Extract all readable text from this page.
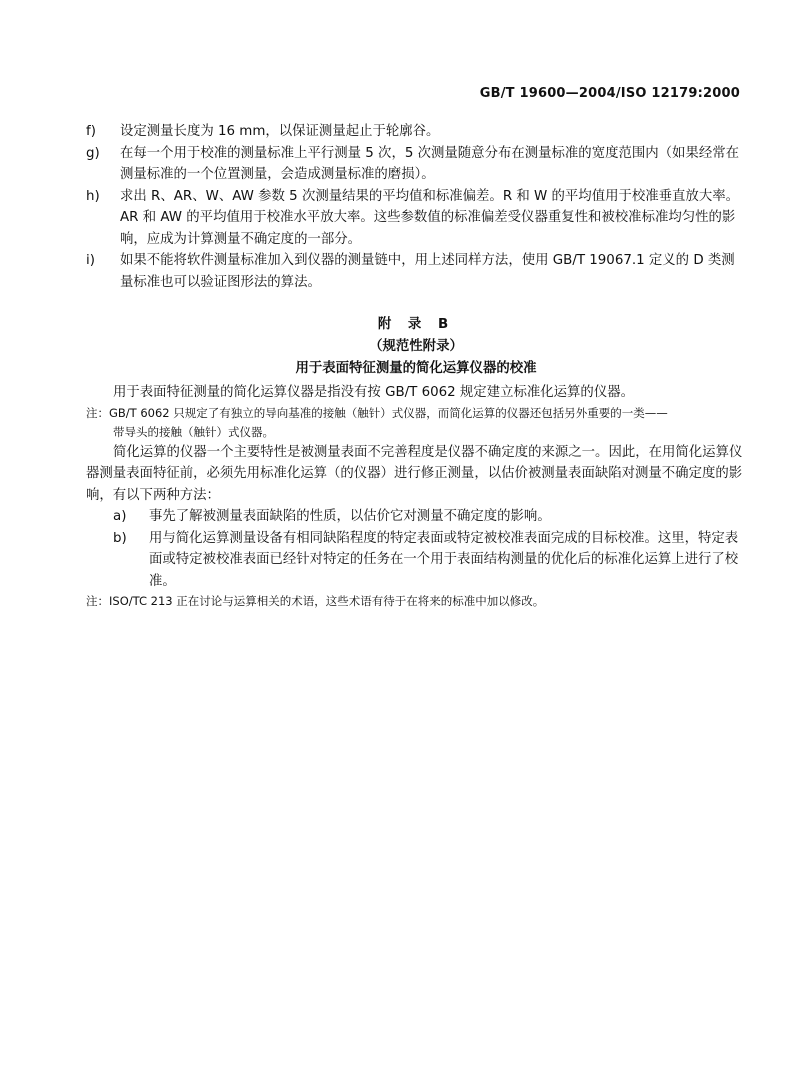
GB/T 19600—2004/ISO 12179:2000

f) 设定测量长度为 16 mm，以保证测量起止于轮廓谷。

g) 在每一个用于校准的测量标准上平行测量 5 次，5 次测量随意分布在测量标准的宽度范围内（如果经常在测量标准的一个位置测量，会造成测量标准的磨损）。

h) 求出 R、AR、W、AW 参数 5 次测量结果的平均值和标准偏差。R 和 W 的平均值用于校准垂直放大率。AR 和 AW 的平均值用于校准水平放大率。这些参数值的标准偏差受仪器重复性和被校准标准均匀性的影响，应成为计算测量不确定度的一部分。

i) 如果不能将软件测量标准加入到仪器的测量链中，用上述同样方法，使用 GB/T 19067.1 定义的 D 类测量标准也可以验证图形法的算法。

附 录 B

（规范性附录）

用于表面特征测量的简化运算仪器的校准

用于表面特征测量的简化运算仪器是指没有按 GB/T 6062 规定建立标准化运算的仪器。

注：GB/T 6062 只规定了有独立的导向基准的接触（触针）式仪器，而简化运算的仪器还包括另外重要的一类——

带导头的接触（触针）式仪器。

简化运算的仪器一个主要特性是被测量表面不完善程度是仪器不确定度的来源之一。因此，在用简化运算仪器测量表面特征前，必须先用标准化运算（的仪器）进行修正测量，以估价被测量表面缺陷对测量不确定度的影响，有以下两种方法：

a) 事先了解被测量表面缺陷的性质，以估价它对测量不确定度的影响。

b) 用与简化运算测量设备有相同缺陷程度的特定表面或特定被校准表面完成的目标校准。这里，特定表面或特定被校准表面已经针对特定的任务在一个用于表面结构测量的优化后的标准化运算上进行了校准。

注：ISO/TC 213 正在讨论与运算相关的术语，这些术语有待于在将来的标准中加以修改。
